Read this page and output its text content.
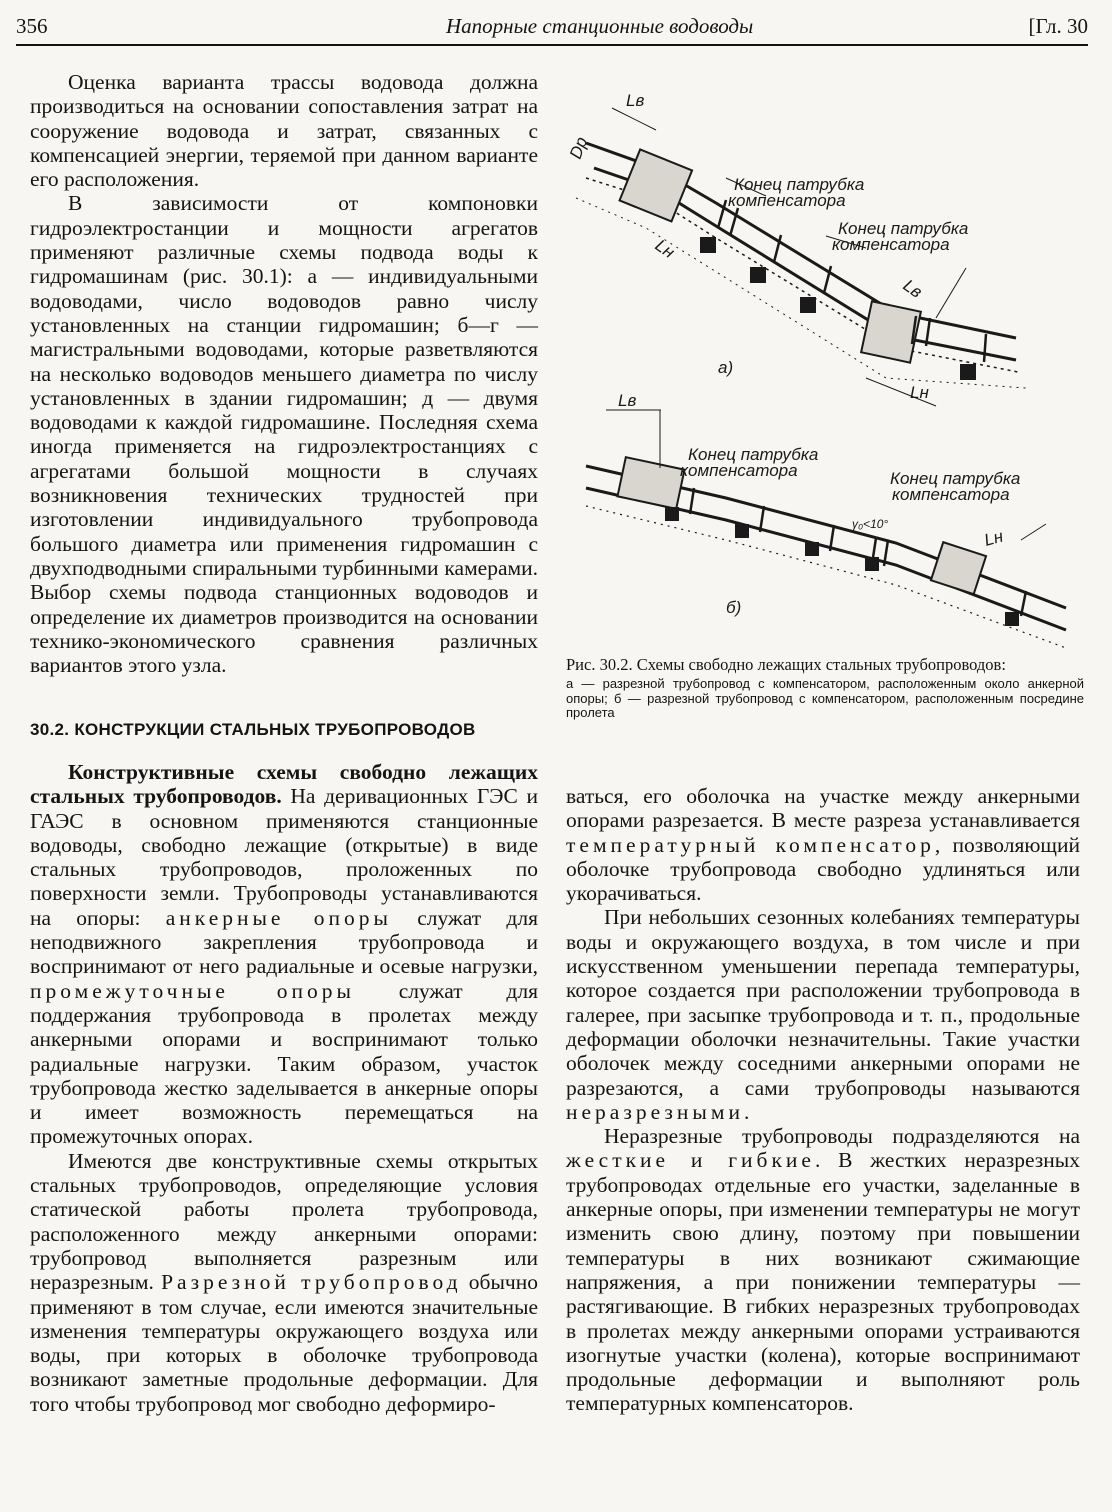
356	Напорные станционные водоводы	[Гл. 30

Оценка варианта трассы водовода должна производиться на основании сопоставления затрат на сооружение водовода и затрат, связанных с компенсацией энергии, теряемой при данном варианте его расположения.

В зависимости от компоновки гидроэлектростанции и мощности агрегатов применяют различные схемы подвода воды к гидромашинам (рис. 30.1): а — индивидуальными водоводами, число водоводов равно числу установленных на станции гидромашин; б—г — магистральными водоводами, которые разветвляются на несколько водоводов меньшего диаметра по числу установленных в здании гидромашин; д — двумя водоводами к каждой гидромашине. Последняя схема иногда применяется на гидроэлектростанциях с агрегатами большой мощности в случаях возникновения технических трудностей при изготовлении индивидуального трубопровода большого диаметра или применения гидромашин с двухподводными спиральными турбинными камерами. Выбор схемы подвода станционных водоводов и определение их диаметров производится на основании технико-экономического сравнения различных вариантов этого узла.

30.2. КОНСТРУКЦИИ СТАЛЬНЫХ ТРУБОПРОВОДОВ

Конструктивные схемы свободно лежащих стальных трубопроводов. На деривационных ГЭС и ГАЭС в основном применяются станционные водоводы, свободно лежащие (открытые) в виде стальных трубопроводов, проложенных по поверхности земли. Трубопроводы устанавливаются на опоры: анкерные опоры служат для неподвижного закрепления трубопровода и воспринимают от него радиальные и осевые нагрузки, промежуточные опоры служат для поддержания трубопровода в пролетах между анкерными опорами и воспринимают только радиальные нагрузки. Таким образом, участок трубопровода жестко заделывается в анкерные опоры и имеет возможность перемещаться на промежуточных опорах.

Имеются две конструктивные схемы открытых стальных трубопроводов, определяющие условия статической работы пролета трубопровода, расположенного между анкерными опорами: трубопровод выполняется разрезным или неразрезным. Разрезной трубопровод обычно применяют в том случае, если имеются значительные изменения температуры окружающего воздуха или воды, при которых в оболочке трубопровода возникают заметные продольные деформации. Для того чтобы трубопровод мог свободно деформиро-

ваться, его оболочка на участке между анкерными опорами разрезается. В месте разреза устанавливается температурный компенсатор, позволяющий оболочке трубопровода свободно удлиняться или укорачиваться.

При небольших сезонных колебаниях температуры воды и окружающего воздуха, в том числе и при искусственном уменьшении перепада температуры, которое создается при расположении трубопровода в галерее, при засыпке трубопровода и т. п., продольные деформации оболочки незначительны. Такие участки оболочек между соседними анкерными опорами не разрезаются, а сами трубопроводы называются неразрезными.

Неразрезные трубопроводы подразделяются на жесткие и гибкие. В жестких неразрезных трубопроводах отдельные его участки, заделанные в анкерные опоры, при изменении температуры не могут изменить свою длину, поэтому при повышении температуры в них возникают сжимающие напряжения, а при понижении температуры — растягивающие. В гибких неразрезных трубопроводах в пролетах между анкерными опорами устраиваются изогнутые участки (колена), которые воспринимают продольные деформации и выполняют роль температурных компенсаторов.

Lв
Dр
Конец патрубка
компенсатора
Конец патрубка
компенсатора
Lн
Lв
Lн
а)
Lв
Конец патрубка
компенсатора	Конец патрубка
компенсатора
γ₀<10°
Lн
б)
Рис. 30.2. Схемы свободно лежащих стальных трубопроводов:
а — разрезной трубопровод с компенсатором, расположенным около анкерной опоры; б — разрезной трубопровод с компенсатором, расположенным посредине пролета
